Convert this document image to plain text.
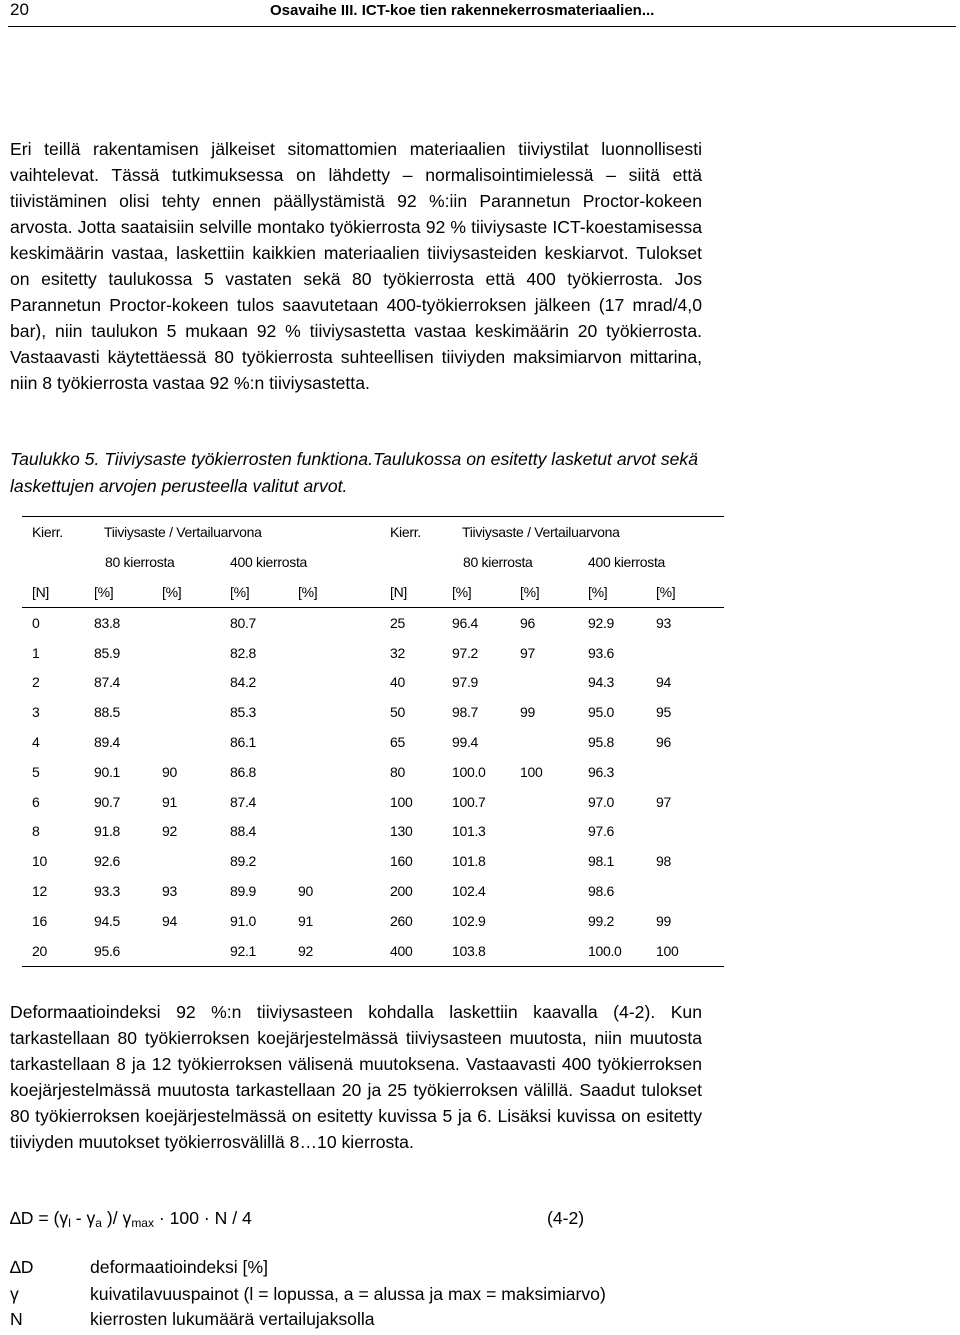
20	Osavaihe III. ICT-koe tien rakennekerrosmateriaalien...

Eri teillä rakentamisen jälkeiset sitomattomien materiaalien tiiviystilat luonnollisesti vaihtelevat. Tässä tutkimuksessa on lähdetty – normalisointimielessä – siitä että tiivistäminen olisi tehty ennen päällystämistä 92 %:iin Parannetun Proctor-kokeen arvosta. Jotta saataisiin selville montako työkierrosta 92 % tiiviysaste ICT-koestamisessa keskimäärin vastaa, laskettiin kaikkien materiaalien tiiviysasteiden keskiarvot. Tulokset on esitetty taulukossa 5 vastaten sekä 80 työkierrosta että 400 työkierrosta. Jos Parannetun Proctor-kokeen tulos saavutetaan 400-työkierroksen jälkeen (17 mrad/4,0 bar), niin taulukon 5 mukaan 92 % tiiviysastetta vastaa keskimäärin 20 työkierrosta. Vastaavasti käytettäessä 80 työkierrosta suhteellisen tiiviyden maksimiarvon mittarina, niin 8 työkierrosta vastaa 92 %:n tiiviysastetta.

Taulukko 5. Tiiviysaste työkierrosten funktiona.Taulukossa on esitetty lasketut arvot sekä laskettujen arvojen perusteella valitut arvot.

Kierr.	Tiiviysaste / Vertailuarvona					Kierr.	Tiiviysaste / Vertailuarvona			
	80 kierrosta		400 kierrosta				80 kierrosta		400 kierrosta	
[N]	[%]	[%]	[%]	[%]		[N]	[%]	[%]	[%]	[%]
0	83.8		80.7			25	96.4	96	92.9	93
1	85.9		82.8			32	97.2	97	93.6	
2	87.4		84.2			40	97.9		94.3	94
3	88.5		85.3			50	98.7	99	95.0	95
4	89.4		86.1			65	99.4		95.8	96
5	90.1	90	86.8			80	100.0	100	96.3	
6	90.7	91	87.4			100	100.7		97.0	97
8	91.8	92	88.4			130	101.3		97.6	
10	92.6		89.2			160	101.8		98.1	98
12	93.3	93	89.9	90		200	102.4		98.6	
16	94.5	94	91.0	91		260	102.9		99.2	99
20	95.6		92.1	92		400	103.8		100.0	100

Deformaatioindeksi 92 %:n tiiviysasteen kohdalla laskettiin kaavalla (4-2). Kun tarkastellaan 80 työkierroksen koejärjestelmässä tiiviysasteen muutosta, niin muutosta tarkastellaan 8 ja 12 työkierroksen välisenä muutoksena. Vastaavasti 400 työkierroksen koejärjestelmässä muutosta tarkastellaan 20 ja 25 työkierroksen välillä. Saadut tulokset 80 työkierroksen koejärjestelmässä on esitetty kuvissa 5 ja 6. Lisäksi kuvissa on esitetty tiiviyden muutokset työkierrosvälillä 8…10 kierrosta.

$\Delta D = (\gamma_l - \gamma_a$ )/ $\gamma_{max} \cdot 100 \cdot N / 4$	(4-2)
∆D	deformaatioindeksi [%]
γ	kuivatilavuuspainot (l = lopussa, a = alussa ja max = maksimiarvo)
N	kierrosten lukumäärä vertailujaksolla
